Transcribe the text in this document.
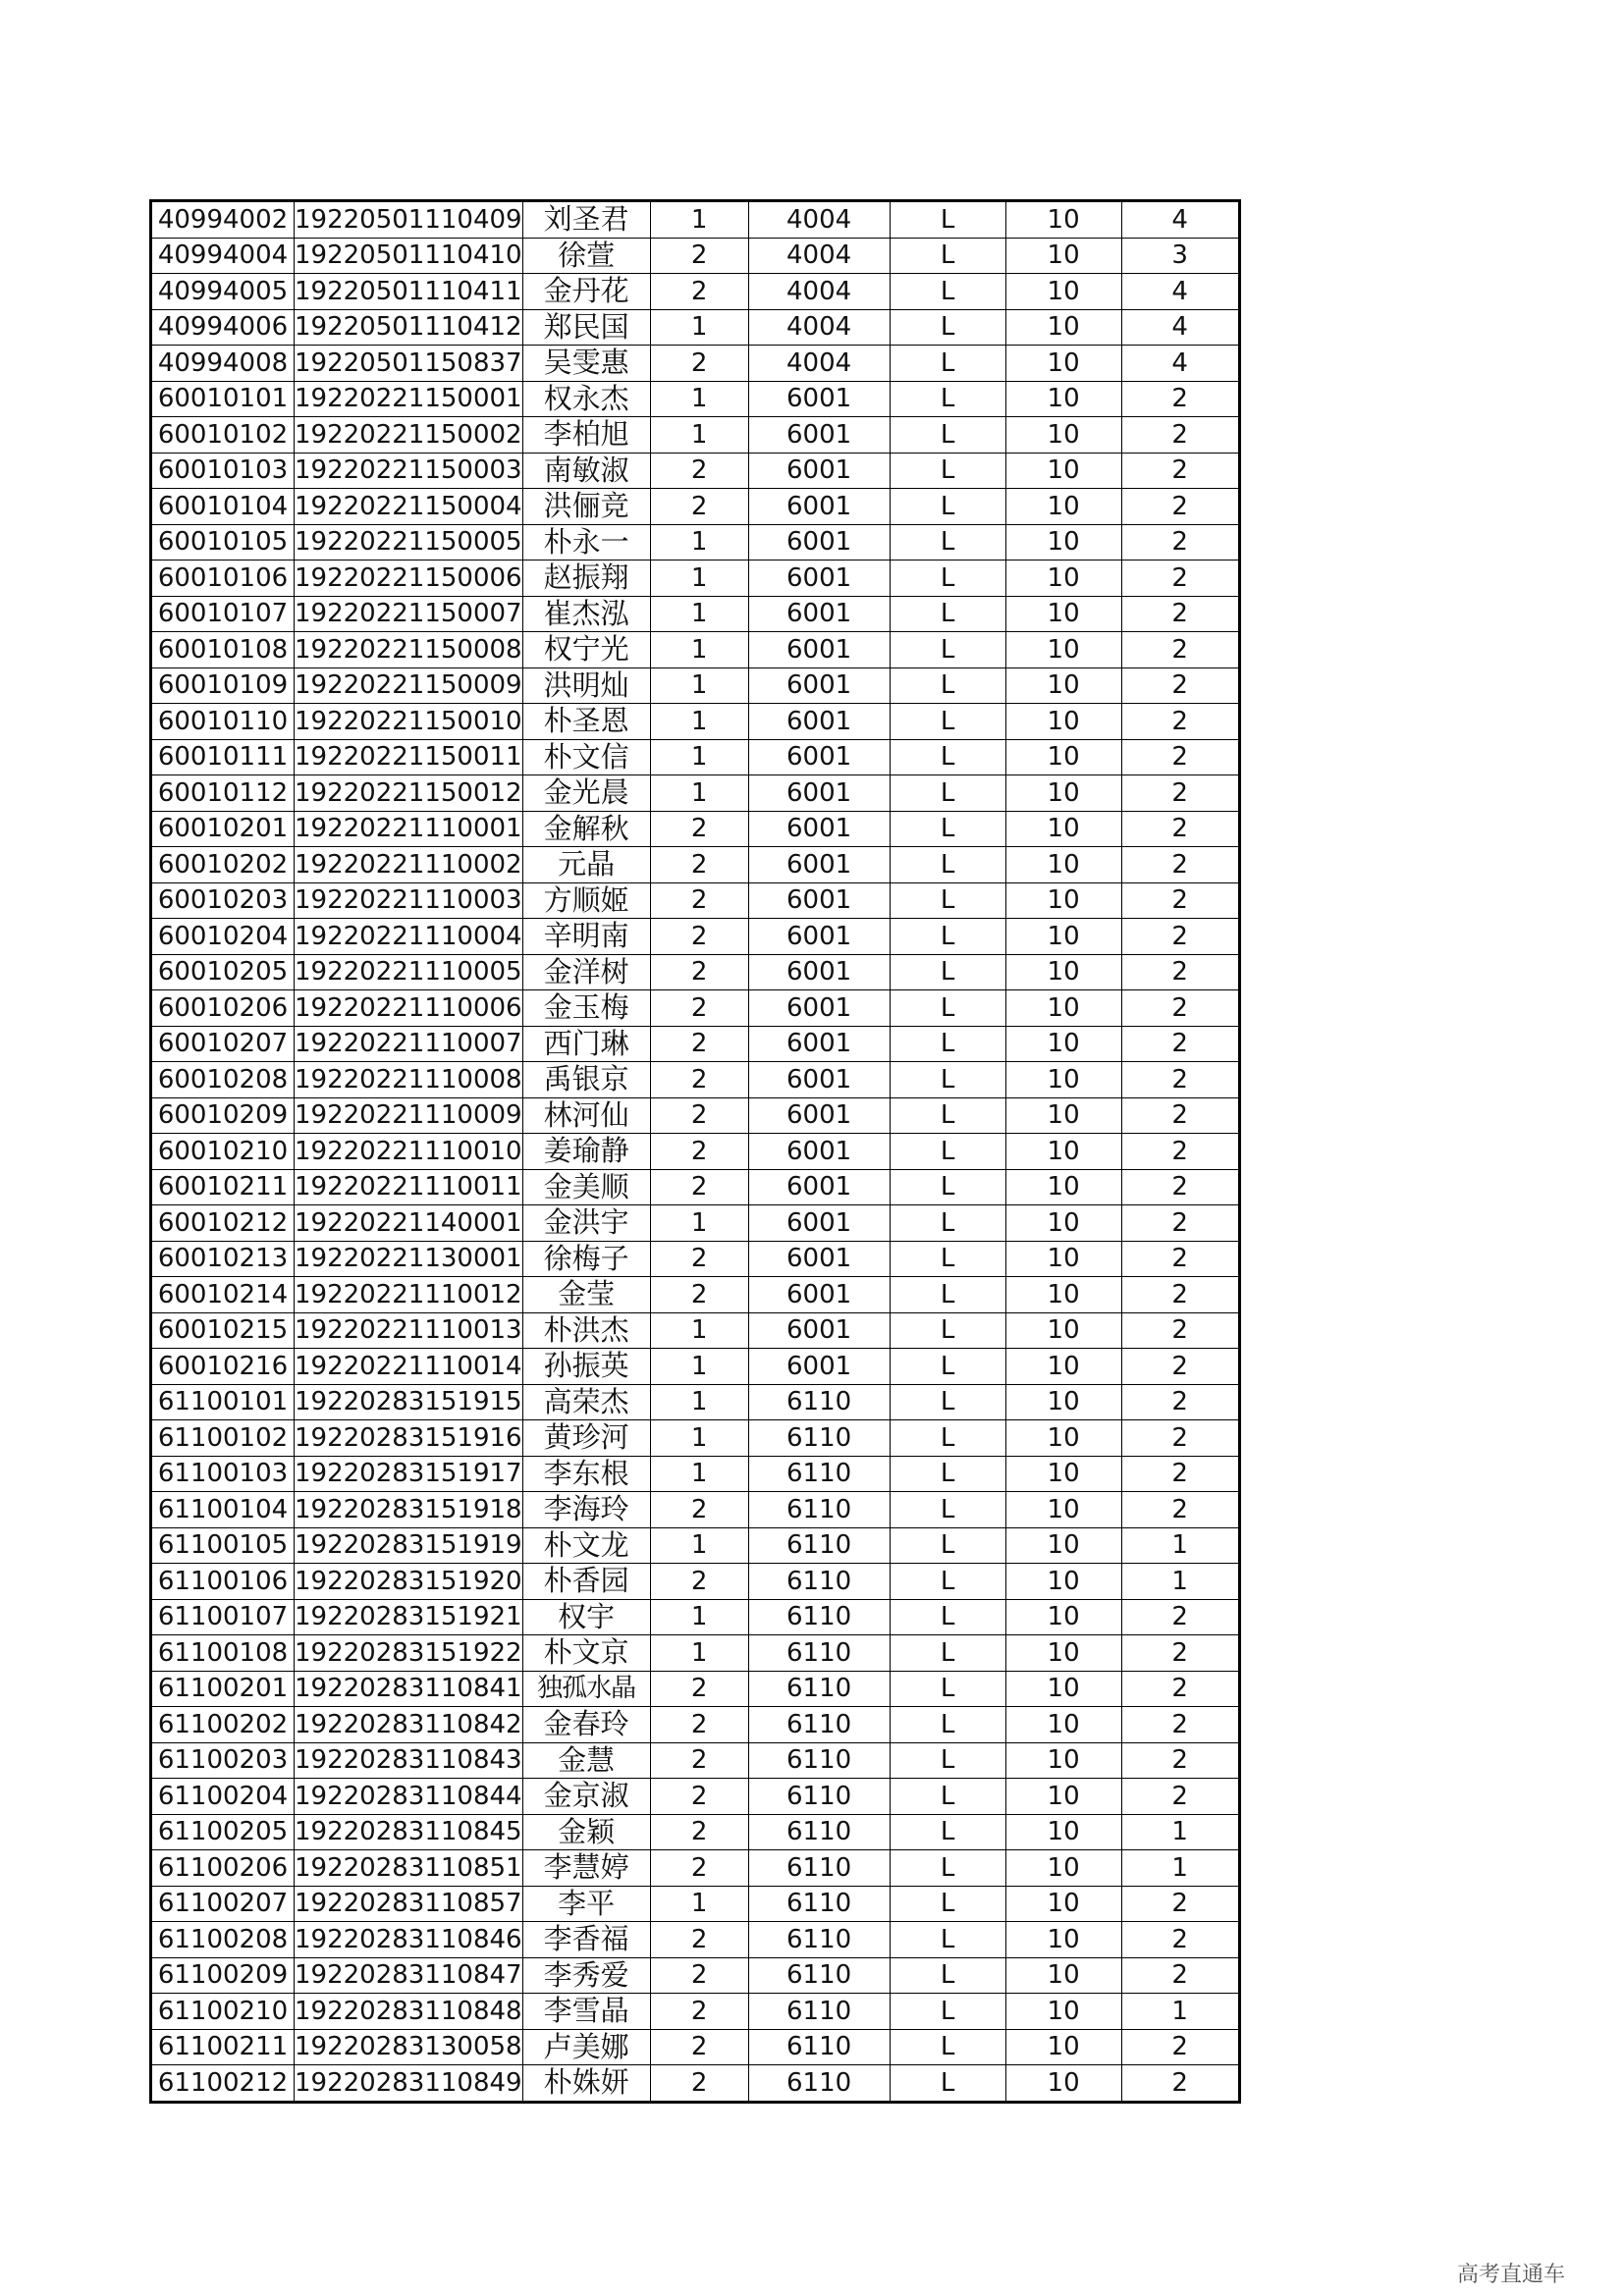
40994002	19220501110409	刘圣君	1	4004	L	10	4
40994004	19220501110410	徐萱	2	4004	L	10	3
40994005	19220501110411	金丹花	2	4004	L	10	4
40994006	19220501110412	郑民国	1	4004	L	10	4
40994008	19220501150837	吴雯惠	2	4004	L	10	4
60010101	19220221150001	权永杰	1	6001	L	10	2
60010102	19220221150002	李柏旭	1	6001	L	10	2
60010103	19220221150003	南敏淑	2	6001	L	10	2
60010104	19220221150004	洪俪竞	2	6001	L	10	2
60010105	19220221150005	朴永一	1	6001	L	10	2
60010106	19220221150006	赵振翔	1	6001	L	10	2
60010107	19220221150007	崔杰泓	1	6001	L	10	2
60010108	19220221150008	权宁光	1	6001	L	10	2
60010109	19220221150009	洪明灿	1	6001	L	10	2
60010110	19220221150010	朴圣恩	1	6001	L	10	2
60010111	19220221150011	朴文信	1	6001	L	10	2
60010112	19220221150012	金光晨	1	6001	L	10	2
60010201	19220221110001	金解秋	2	6001	L	10	2
60010202	19220221110002	元晶	2	6001	L	10	2
60010203	19220221110003	方顺姬	2	6001	L	10	2
60010204	19220221110004	辛明南	2	6001	L	10	2
60010205	19220221110005	金洋树	2	6001	L	10	2
60010206	19220221110006	金玉梅	2	6001	L	10	2
60010207	19220221110007	西门琳	2	6001	L	10	2
60010208	19220221110008	禹银京	2	6001	L	10	2
60010209	19220221110009	林河仙	2	6001	L	10	2
60010210	19220221110010	姜瑜静	2	6001	L	10	2
60010211	19220221110011	金美顺	2	6001	L	10	2
60010212	19220221140001	金洪宇	1	6001	L	10	2
60010213	19220221130001	徐梅子	2	6001	L	10	2
60010214	19220221110012	金莹	2	6001	L	10	2
60010215	19220221110013	朴洪杰	1	6001	L	10	2
60010216	19220221110014	孙振英	1	6001	L	10	2
61100101	19220283151915	高荣杰	1	6110	L	10	2
61100102	19220283151916	黄珍河	1	6110	L	10	2
61100103	19220283151917	李东根	1	6110	L	10	2
61100104	19220283151918	李海玲	2	6110	L	10	2
61100105	19220283151919	朴文龙	1	6110	L	10	1
61100106	19220283151920	朴香园	2	6110	L	10	1
61100107	19220283151921	权宇	1	6110	L	10	2
61100108	19220283151922	朴文京	1	6110	L	10	2
61100201	19220283110841	独孤水晶	2	6110	L	10	2
61100202	19220283110842	金春玲	2	6110	L	10	2
61100203	19220283110843	金慧	2	6110	L	10	2
61100204	19220283110844	金京淑	2	6110	L	10	2
61100205	19220283110845	金颖	2	6110	L	10	1
61100206	19220283110851	李慧婷	2	6110	L	10	1
61100207	19220283110857	李平	1	6110	L	10	2
61100208	19220283110846	李香福	2	6110	L	10	2
61100209	19220283110847	李秀爱	2	6110	L	10	2
61100210	19220283110848	李雪晶	2	6110	L	10	1
61100211	19220283130058	卢美娜	2	6110	L	10	2
61100212	19220283110849	朴姝妍	2	6110	L	10	2
高考直通车
